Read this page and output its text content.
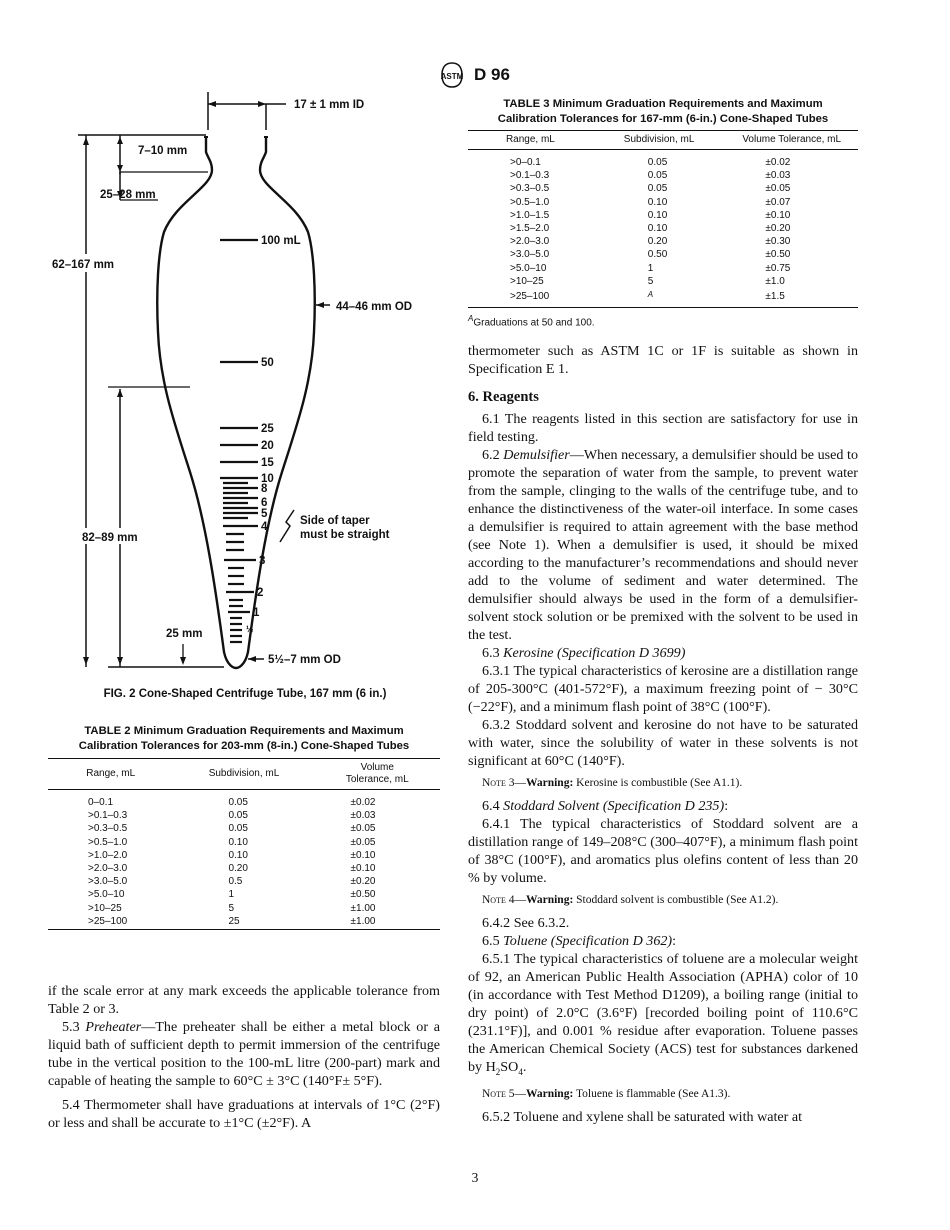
ASTM D 96
17 ± 1 mm ID
62–167 mm
7–10 mm
25–28 mm
82–89 mm
25 mm
44–46 mm OD
5½–7 mm OD
Side of taper
must be straight
100 mL
50
25
20
15
10
8
6
5
4
3
2
1
½
FIG. 2 Cone-Shaped Centrifuge Tube, 167 mm (6 in.)
TABLE 2 Minimum Graduation Requirements and Maximum
Calibration Tolerances for 203-mm (8-in.) Cone-Shaped Tubes
Range, mL	Subdivision, mL	Volume Tolerance, mL
0–0.1	0.05	±0.02
>0.1–0.3	0.05	±0.03
>0.3–0.5	0.05	±0.05
>0.5–1.0	0.10	±0.05
>1.0–2.0	0.10	±0.10
>2.0–3.0	0.20	±0.10
>3.0–5.0	0.5	±0.20
>5.0–10	1	±0.50
>10–25	5	±1.00
>25–100	25	±1.00
TABLE 3 Minimum Graduation Requirements and Maximum
Calibration Tolerances for 167-mm (6-in.) Cone-Shaped Tubes
Range, mL	Subdivision, mL	Volume Tolerance, mL
>0–0.1	0.05	±0.02
>0.1–0.3	0.05	±0.03
>0.3–0.5	0.05	±0.05
>0.5–1.0	0.10	±0.07
>1.0–1.5	0.10	±0.10
>1.5–2.0	0.10	±0.20
>2.0–3.0	0.20	±0.30
>3.0–5.0	0.50	±0.50
>5.0–10	1	±0.75
>10–25	5	±1.0
>25–100	$^A$	±1.5
$^A$Graduations at 50 and 100.

if the scale error at any mark exceeds the applicable tolerance from Table 2 or 3.

5.3 Preheater—The preheater shall be either a metal block or a liquid bath of sufficient depth to permit immersion of the centrifuge tube in the vertical position to the 100-mL litre (200-part) mark and capable of heating the sample to 60°C ± 3°C (140°F± 5°F).

5.4 Thermometer shall have graduations at intervals of 1°C (2°F) or less and shall be accurate to ±1°C (±2°F). A

thermometer such as ASTM 1C or 1F is suitable as shown in Specification E 1.

6. Reagents

6.1 The reagents listed in this section are satisfactory for use in field testing.

6.2 Demulsifier—When necessary, a demulsifier should be used to promote the separation of water from the sample, to prevent water from the sample, clinging to the walls of the centrifuge tube, and to enhance the distinctiveness of the water-oil interface. In some cases a demulsifier is required to attain agreement with the base method (see Note 1). When a demulsifier is used, it should be mixed according to the manufacturer’s recommendations and should never add to the volume of sediment and water determined. The demulsifier should always be used in the form of a demulsifier-solvent stock solution or be premixed with the solvent to be used in the test.

6.3 Kerosine (Specification D 3699)

6.3.1 The typical characteristics of kerosine are a distillation range of 205-300°C (401-572°F), a maximum freezing point of − 30°C (−22°F), and a minimum flash point of 38°C (100°F).

6.3.2 Stoddard solvent and kerosine do not have to be saturated with water, since the solubility of water in these solvents is not significant at 60°C (140°F).

Note 3—Warning: Kerosine is combustible (See A1.1).

6.4 Stoddard Solvent (Specification D 235):

6.4.1 The typical characteristics of Stoddard solvent are a distillation range of 149–208°C (300–407°F), a minimum flash point of 38°C (100°F), and aromatics plus olefins content of less than 20 % by volume.

Note 4—Warning: Stoddard solvent is combustible (See A1.2).

6.4.2 See 6.3.2.

6.5 Toluene (Specification D 362):

6.5.1 The typical characteristics of toluene are a molecular weight of 92, an American Public Health Association (APHA) color of 10 (in accordance with Test Method D1209), a boiling range (initial to dry point) of 2.0°C (3.6°F) [recorded boiling point of 110.6°C (231.1°F)], and 0.001 % residue after evaporation. Toluene passes the American Chemical Society (ACS) test for substances darkened by $H_2SO_4$.

Note 5—Warning: Toluene is flammable (See A1.3).

6.5.2 Toluene and xylene shall be saturated with water at

3
